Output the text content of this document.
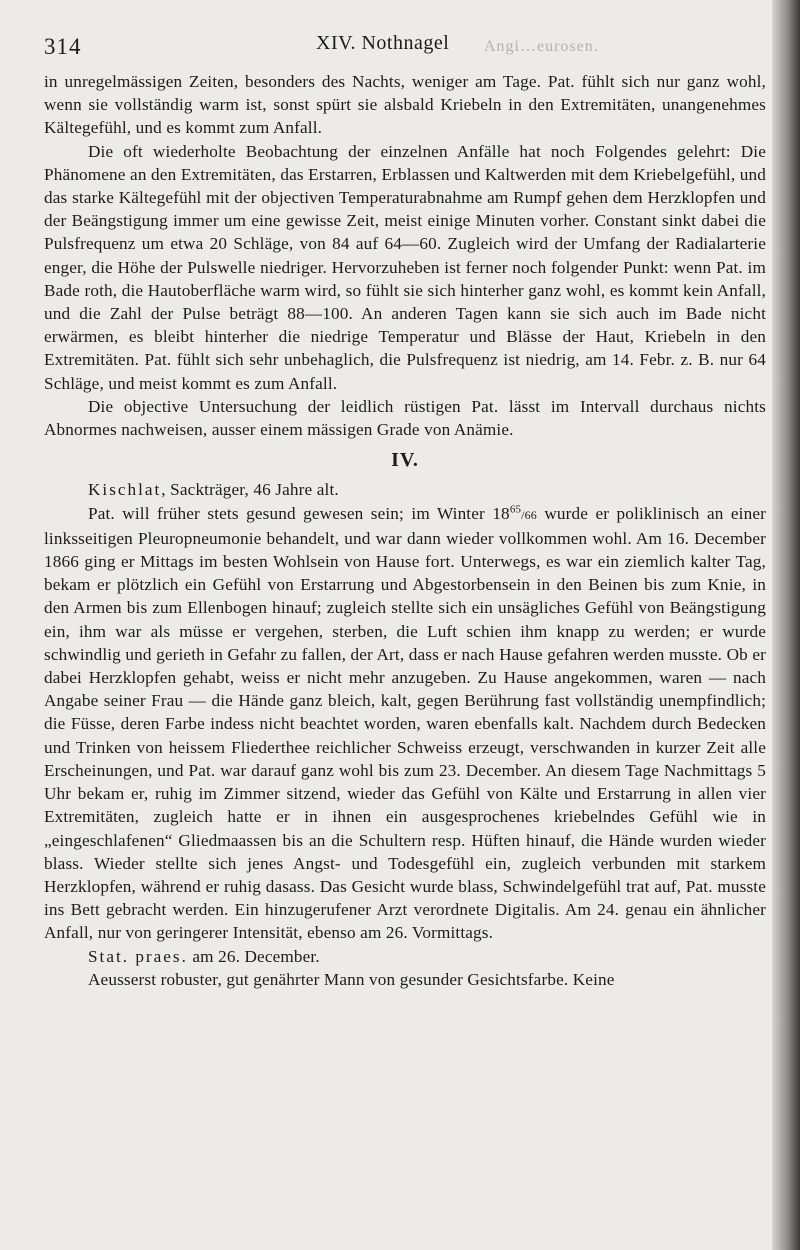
314	XIV. Nothnagel Angi…eurosen.

in unregelmässigen Zeiten, besonders des Nachts, weniger am Tage. Pat. fühlt sich nur ganz wohl, wenn sie vollständig warm ist, sonst spürt sie alsbald Kriebeln in den Extremitäten, unangenehmes Kältegefühl, und es kommt zum Anfall.

Die oft wiederholte Beobachtung der einzelnen Anfälle hat noch Folgendes gelehrt: Die Phänomene an den Extremitäten, das Erstarren, Erblassen und Kaltwerden mit dem Kriebelgefühl, und das starke Kältegefühl mit der objectiven Temperaturabnahme am Rumpf gehen dem Herzklopfen und der Beängstigung immer um eine gewisse Zeit, meist einige Minuten vorher. Constant sinkt dabei die Pulsfrequenz um etwa 20 Schläge, von 84 auf 64—60. Zugleich wird der Umfang der Radialarterie enger, die Höhe der Pulswelle niedriger. Hervorzuheben ist ferner noch folgender Punkt: wenn Pat. im Bade roth, die Hautoberfläche warm wird, so fühlt sie sich hinterher ganz wohl, es kommt kein Anfall, und die Zahl der Pulse beträgt 88—100. An anderen Tagen kann sie sich auch im Bade nicht erwärmen, es bleibt hinterher die niedrige Temperatur und Blässe der Haut, Kriebeln in den Extremitäten. Pat. fühlt sich sehr unbehaglich, die Pulsfrequenz ist niedrig, am 14. Febr. z. B. nur 64 Schläge, und meist kommt es zum Anfall.

Die objective Untersuchung der leidlich rüstigen Pat. lässt im Intervall durchaus nichts Abnormes nachweisen, ausser einem mässigen Grade von Anämie.

IV.

Kischlat, Sackträger, 46 Jahre alt.

Pat. will früher stets gesund gewesen sein; im Winter $18^{65}/66$ wurde er poliklinisch an einer linksseitigen Pleuropneumonie behandelt, und war dann wieder vollkommen wohl. Am 16. December 1866 ging er Mittags im besten Wohlsein von Hause fort. Unterwegs, es war ein ziemlich kalter Tag, bekam er plötzlich ein Gefühl von Erstarrung und Abgestorbensein in den Beinen bis zum Knie, in den Armen bis zum Ellenbogen hinauf; zugleich stellte sich ein unsägliches Gefühl von Beängstigung ein, ihm war als müsse er vergehen, sterben, die Luft schien ihm knapp zu werden; er wurde schwindlig und gerieth in Gefahr zu fallen, der Art, dass er nach Hause gefahren werden musste. Ob er dabei Herzklopfen gehabt, weiss er nicht mehr anzugeben. Zu Hause angekommen, waren — nach Angabe seiner Frau — die Hände ganz bleich, kalt, gegen Berührung fast vollständig unempfindlich; die Füsse, deren Farbe indess nicht beachtet worden, waren ebenfalls kalt. Nachdem durch Bedecken und Trinken von heissem Fliederthee reichlicher Schweiss erzeugt, verschwanden in kurzer Zeit alle Erscheinungen, und Pat. war darauf ganz wohl bis zum 23. December. An diesem Tage Nachmittags 5 Uhr bekam er, ruhig im Zimmer sitzend, wieder das Gefühl von Kälte und Erstarrung in allen vier Extremitäten, zugleich hatte er in ihnen ein ausgesprochenes kriebelndes Gefühl wie in „eingeschlafenen“ Gliedmaassen bis an die Schultern resp. Hüften hinauf, die Hände wurden wieder blass. Wieder stellte sich jenes Angst- und Todesgefühl ein, zugleich verbunden mit starkem Herzklopfen, während er ruhig dasass. Das Gesicht wurde blass, Schwindelgefühl trat auf, Pat. musste ins Bett gebracht werden. Ein hinzugerufener Arzt verordnete Digitalis. Am 24. genau ein ähnlicher Anfall, nur von geringerer Intensität, ebenso am 26. Vormittags.

Stat. praes. am 26. December.

Aeusserst robuster, gut genährter Mann von gesunder Gesichtsfarbe. Keine
